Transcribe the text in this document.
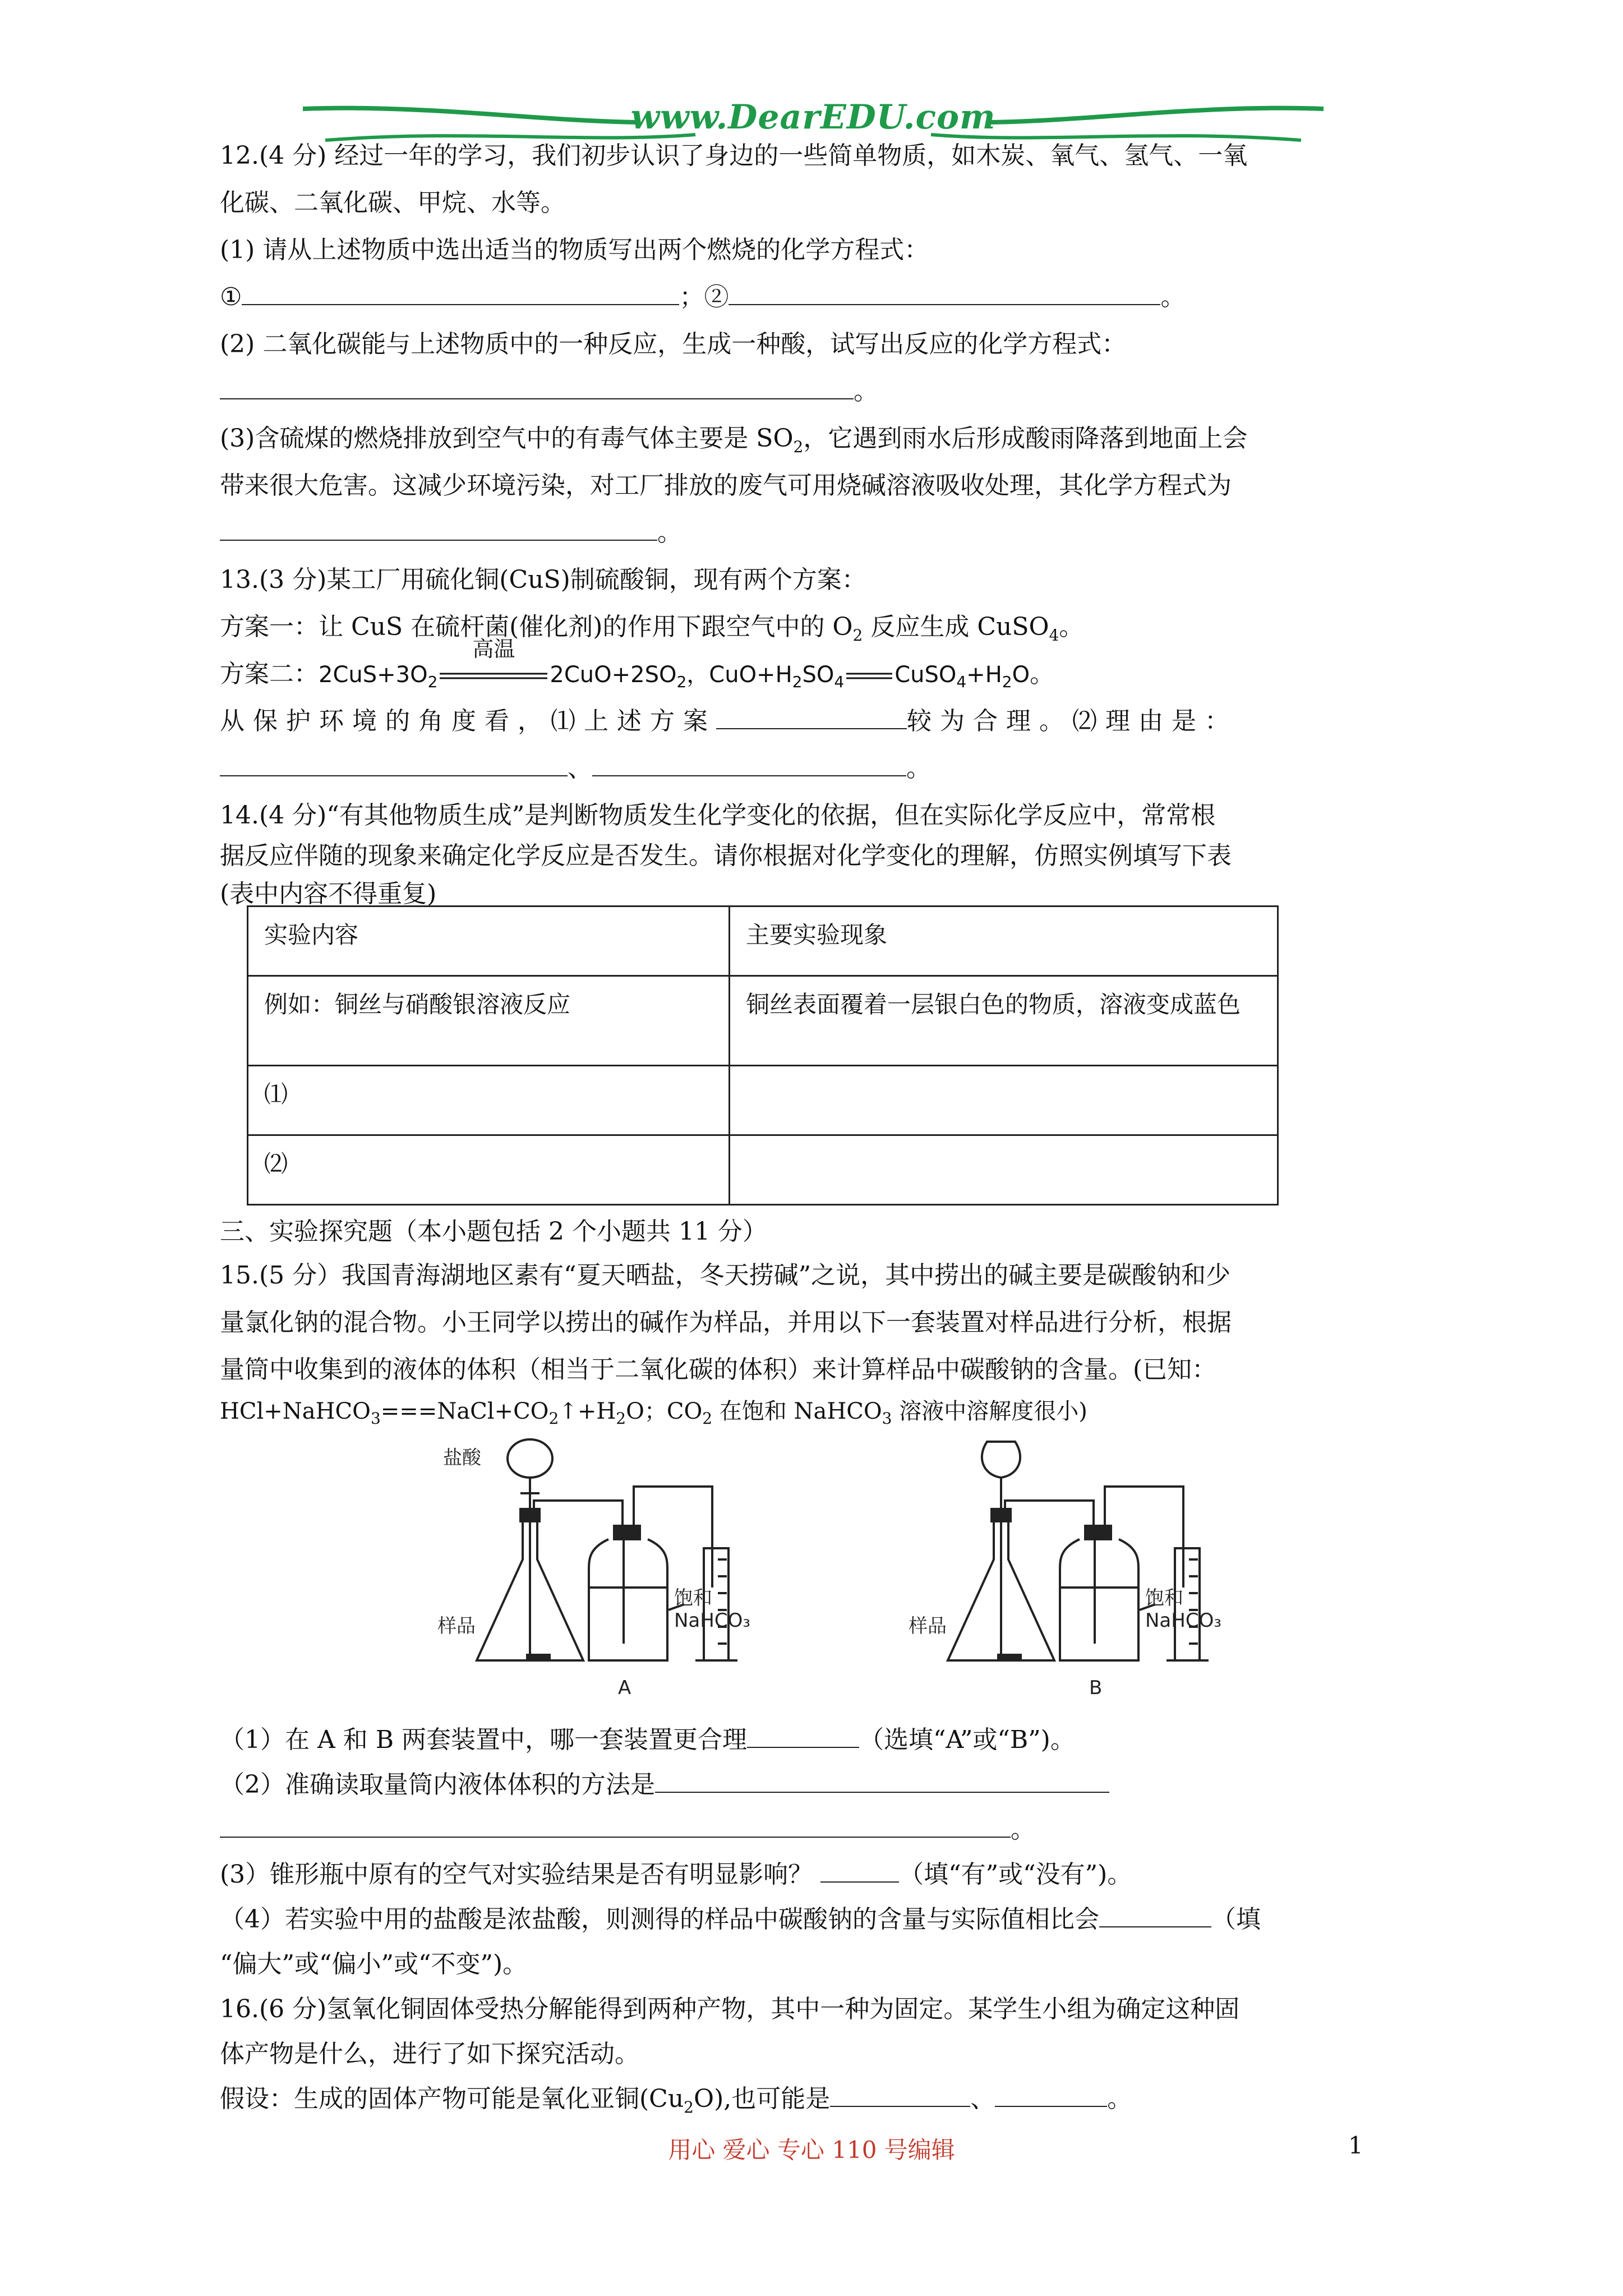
www.DearEDU.com
12.(4 分) 经过一年的学习，我们初步认识了身边的一些简单物质，如木炭、氧气、氢气、一氧
化碳、二氧化碳、甲烷、水等。
(1) 请从上述物质中选出适当的物质写出两个燃烧的化学方程式：
①	；②	。
(2) 二氧化碳能与上述物质中的一种反应，生成一种酸，试写出反应的化学方程式：
。
(3)含硫煤的燃烧排放到空气中的有毒气体主要是 $SO_2$，它遇到雨水后形成酸雨降落到地面上会
带来很大危害。这减少环境污染，对工厂排放的废气可用烧碱溶液吸收处理，其化学方程式为
。
13.(3 分)某工厂用硫化铜(CuS)制硫酸铜，现有两个方案：
方案一：让 CuS 在硫杆菌(催化剂)的作用下跟空气中的 $O_2$ 反应生成 CuSO$_4$。
方案二：$2CuS+3O_2$
高温
$2CuO+2SO_2$，$CuO+H_2SO_4$ $CuSO_4+H_2O$。
从保护环境的角度看，⑴上述方案	较为合理。⑵理由是：
、	。
14.(4 分)“有其他物质生成”是判断物质发生化学变化的依据，但在实际化学反应中，常常根
据反应伴随的现象来确定化学反应是否发生。请你根据对化学变化的理解，仿照实例填写下表
(表中内容不得重复)
实验内容	主要实验现象
例如：铜丝与硝酸银溶液反应	铜丝表面覆着一层银白色的物质，溶液变成蓝色
⑴	
⑵	
三、实验探究题（本小题包括 2 个小题共 11 分）
15.(5 分）我国青海湖地区素有“夏天晒盐，冬天捞碱”之说，其中捞出的碱主要是碳酸钠和少
量氯化钠的混合物。小王同学以捞出的碱作为样品，并用以下一套装置对样品进行分析，根据
量筒中收集到的液体的体积（相当于二氧化碳的体积）来计算样品中碳酸钠的含量。(已知：
$HCl+NaHCO_3===NaCl+CO_2↑+H_2O$；$CO_2$ 在饱和 NaHCO$_3$ 溶液中溶解度很小)
盐酸
样品
饱和
NaHCO₃
A
样品
饱和
NaHCO₃
B
（1）在 A 和 B 两套装置中，哪一套装置更合理	（选填“A”或“B”)。
（2）准确读取量筒内液体体积的方法是
。
(3）锥形瓶中原有的空气对实验结果是否有明显影响？	（填“有”或“没有”)。
（4）若实验中用的盐酸是浓盐酸，则测得的样品中碳酸钠的含量与实际值相比会	（填
“偏大”或“偏小”或“不变”)。
16.(6 分)氢氧化铜固体受热分解能得到两种产物，其中一种为固定。某学生小组为确定这种固
体产物是什么，进行了如下探究活动。
假设：生成的固体产物可能是氧化亚铜$(Cu_2O)$,也可能是	、	。
用心 爱心 专心 110 号编辑	1
